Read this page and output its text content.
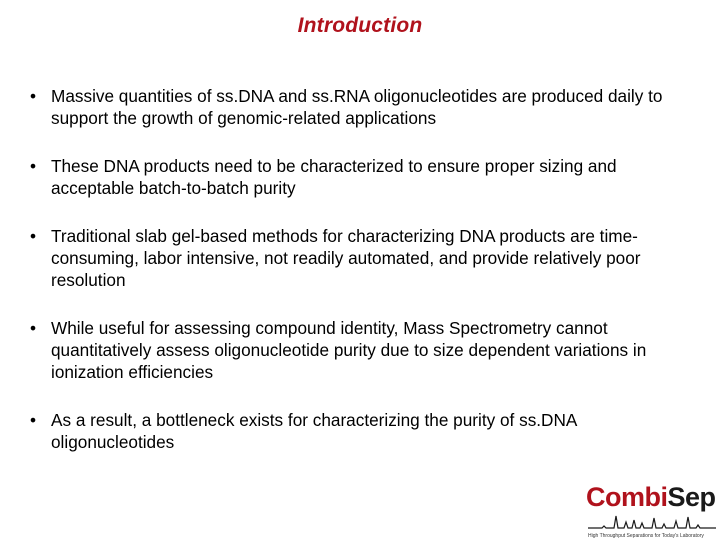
Introduction
• Massive quantities of ss.DNA and ss.RNA oligonucleotides are produced daily to support the growth of genomic-related applications
• These DNA products need to be characterized to ensure proper sizing and acceptable batch-to-batch purity
• Traditional slab gel-based methods for characterizing DNA products are time-consuming, labor intensive, not readily automated, and provide relatively poor resolution
• While useful for assessing compound identity, Mass Spectrometry cannot quantitatively assess oligonucleotide purity due to size dependent variations in ionization efficiencies
• As a result, a bottleneck exists for characterizing the purity of ss.DNA oligonucleotides
CombiSep
High Throughput Separations for Today's Laboratory
